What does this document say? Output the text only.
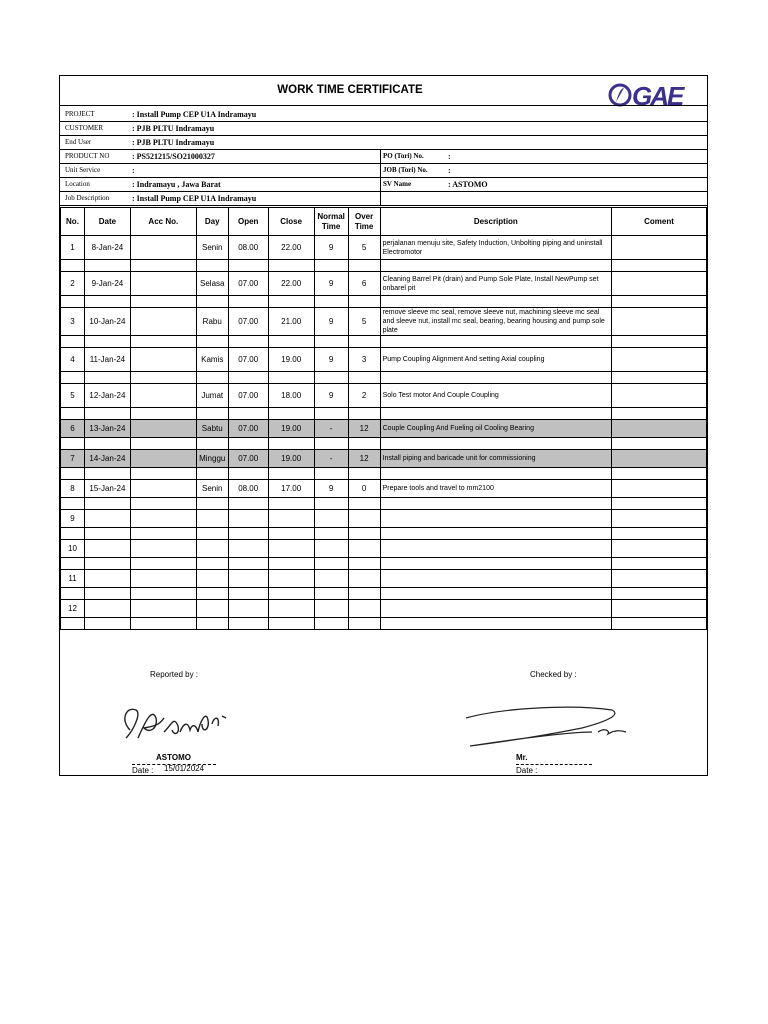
WORK TIME CERTIFICATE	GAE
PROJECT	: Install Pump CEP U1A Indramayu
CUSTOMER	: PJB PLTU Indramayu
End User	: PJB PLTU Indramayu
PRODUCT NO	: PS521215/SO21000327	PO (Tori) No.	:
Unit Service	:	JOB (Tori) No.	:
Location	: Indramayu , Jawa Barat	SV Name	: ASTOMO
Job Description	: Install Pump CEP U1A Indramayu
No.	Date	Acc No.	Day	Open	Close	Normal Time	Over Time	Description	Coment
1	8-Jan-24		Senin	08.00	22.00	9	5	perjalanan menuju site, Safety Induction, Unbolting piping and uninstall Electromotor	

2	9-Jan-24		Selasa	07.00	22.00	9	6	Cleaning Barrel Pit (drain) and Pump Sole Plate, Install NewPump set onbarel pit	

3	10-Jan-24		Rabu	07.00	21.00	9	5	remove sleeve mc seal, remove sleeve nut, machining sleeve mc seal and sleeve nut, install mc seal, bearing, bearing housing and pump sole plate	

4	11-Jan-24		Kamis	07.00	19.00	9	3	Pump Coupling Alignment And setting Axial coupling	

5	12-Jan-24		Jumat	07.00	18.00	9	2	Solo Test motor And Couple Coupling	

6	13-Jan-24		Sabtu	07.00	19.00	-	12	Couple Coupling And Fueling oil Cooling Bearing	

7	14-Jan-24		Minggu	07.00	19.00	-	12	Install piping and baricade unit for commissioning	

8	15-Jan-24		Senin	08.00	17.00	9	0	Prepare tools and travel to mm2100	

9									

10									

11									

12									

Reported by :	Checked by :
ASTOMO	Mr.
Date : 15/01/2024	Date :
